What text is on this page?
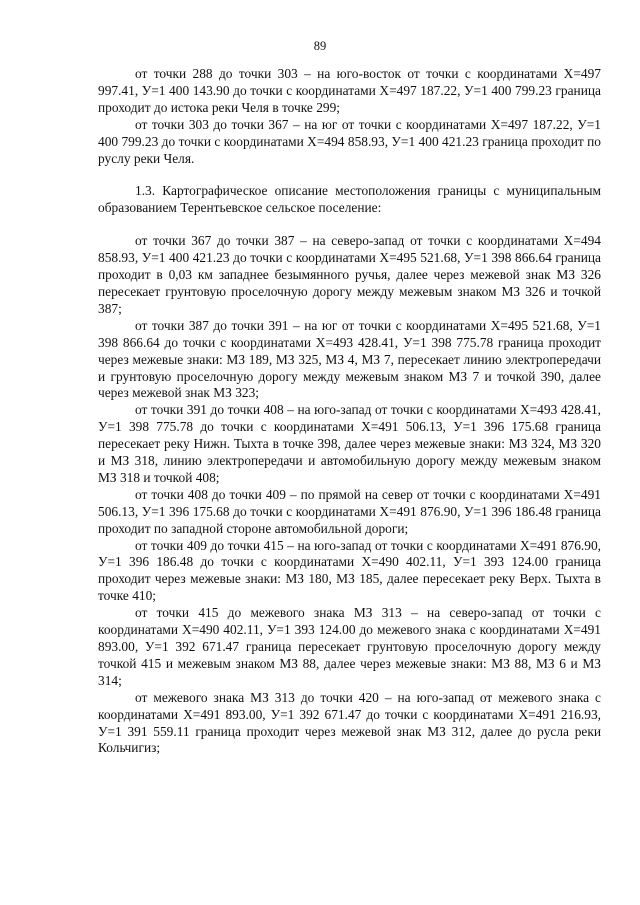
89

от точки 288 до точки 303 – на юго-восток от точки с координатами Х=497 997.41, У=1 400 143.90 до точки с координатами Х=497 187.22, У=1 400 799.23 граница проходит до истока реки Челя в точке 299;

от точки 303 до точки 367 – на юг от точки с координатами Х=497 187.22, У=1 400 799.23 до точки с координатами Х=494 858.93, У=1 400 421.23 граница проходит по руслу реки Челя.

1.3. Картографическое описание местоположения границы с муниципальным образованием Терентьевское сельское поселение:

от точки 367 до точки 387 – на северо-запад от точки с координатами Х=494 858.93, У=1 400 421.23 до точки с координатами Х=495 521.68, У=1 398 866.64 граница проходит в 0,03 км западнее безымянного ручья, далее через межевой знак МЗ 326 пересекает грунтовую проселочную дорогу между межевым знаком МЗ 326 и точкой 387;

от точки 387 до точки 391 – на юг от точки с координатами Х=495 521.68, У=1 398 866.64 до точки с координатами Х=493 428.41, У=1 398 775.78 граница проходит через межевые знаки: МЗ 189, МЗ 325, МЗ 4, МЗ 7, пересекает линию электропередачи и грунтовую проселочную дорогу между межевым знаком МЗ 7 и точкой 390, далее через межевой знак МЗ 323;

от точки 391 до точки 408 – на юго-запад от точки с координатами Х=493 428.41, У=1 398 775.78 до точки с координатами Х=491 506.13, У=1 396 175.68 граница пересекает реку Нижн. Тыхта в точке 398, далее через межевые знаки: МЗ 324, МЗ 320 и МЗ 318, линию электропередачи и автомобильную дорогу между межевым знаком МЗ 318 и точкой 408;

от точки 408 до точки 409 – по прямой на север от точки с координатами Х=491 506.13, У=1 396 175.68 до точки с координатами Х=491 876.90, У=1 396 186.48 граница проходит по западной стороне автомобильной дороги;

от точки 409 до точки 415 – на юго-запад от точки с координатами Х=491 876.90, У=1 396 186.48 до точки с координатами Х=490 402.11, У=1 393 124.00 граница проходит через межевые знаки: МЗ 180, МЗ 185, далее пересекает реку Верх. Тыхта в точке 410;

от точки 415 до межевого знака МЗ 313 – на северо-запад от точки с координатами Х=490 402.11, У=1 393 124.00 до межевого знака с координатами Х=491 893.00, У=1 392 671.47 граница пересекает грунтовую проселочную дорогу между точкой 415 и межевым знаком МЗ 88, далее через межевые знаки: МЗ 88, МЗ 6 и МЗ 314;

от межевого знака МЗ 313 до точки 420 – на юго-запад от межевого знака с координатами Х=491 893.00, У=1 392 671.47 до точки с координатами Х=491 216.93, У=1 391 559.11 граница проходит через межевой знак МЗ 312, далее до русла реки Кольчигиз;
